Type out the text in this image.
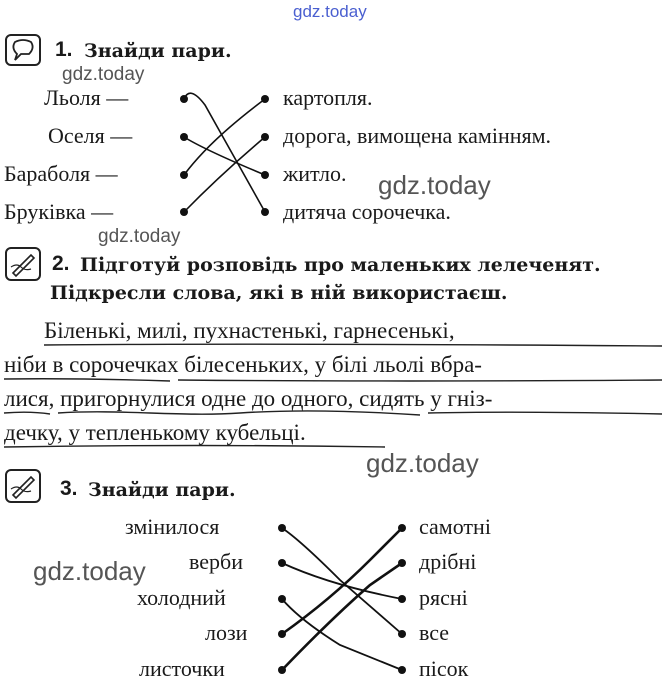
gdz.today
gdz.today
gdz.today
gdz.today
gdz.today
gdz.today
1. Знайди пари.
Льоля —
Оселя —
Бараболя —
Бруківка —
картопля.
дорога, вимощена камінням.
житло.
дитяча сорочечка.
2. Підготуй розповідь про маленьких лелеченят.
Підкресли слова, які в ній використаєш.
Біленькі, милі, пухнастенькі, гарнесенькі,
ніби в сорочечках білесеньких, у білі льолі вбра-
лися, пригорнулися одне до одного, сидять у гніз-
дечку, у тепленькому кубельці.
3. Знайди пари.
змінилося
верби
холодний
лози
листочки
самотні
дрібні
рясні
все
пісок
